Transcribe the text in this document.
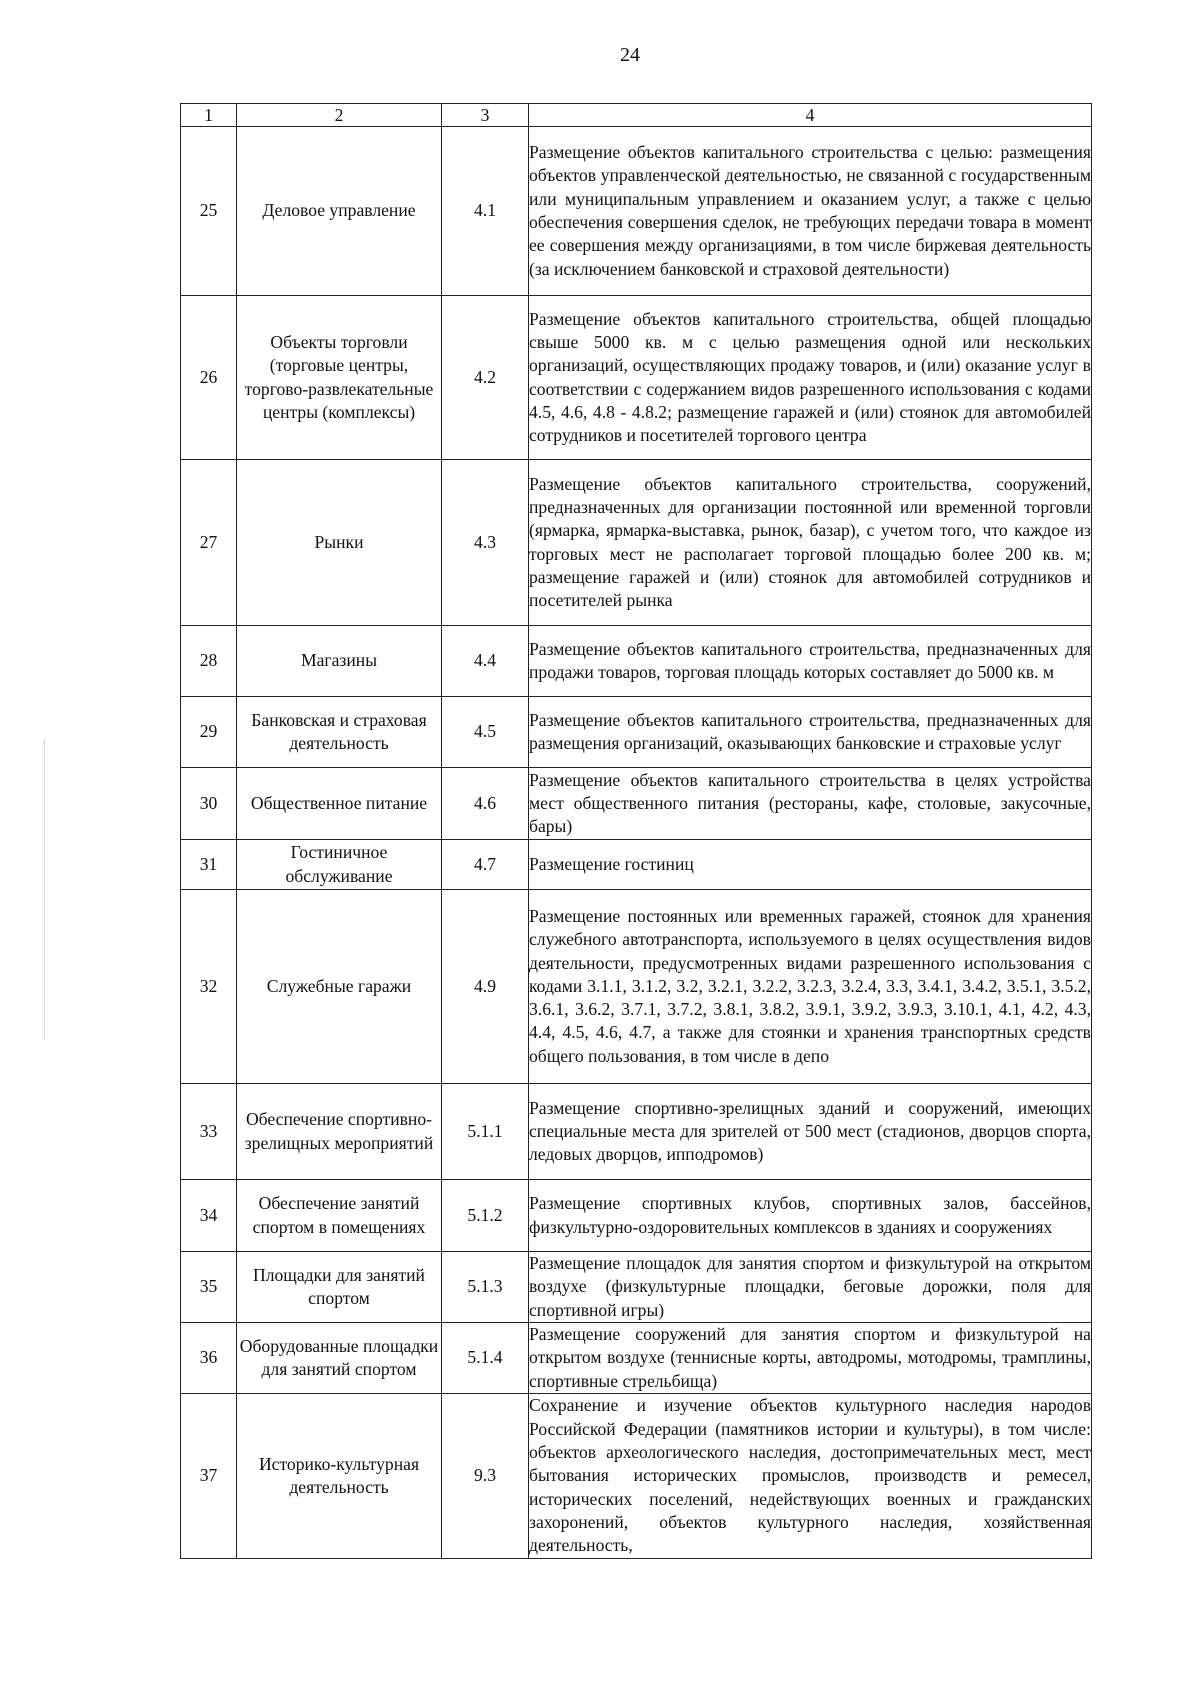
24
1	2	3	4
25	Деловое управление	4.1	Размещение объектов капитального строительства с целью: размещения объектов управленческой деятельностью, не связанной с государственным или муниципальным управлением и оказанием услуг, а также с целью обеспечения совершения сделок, не требующих передачи товара в момент ее совершения между организациями, в том числе биржевая деятельность (за исключением банковской и страховой деятельности)
26	Объекты торговли (торговые центры, торгово-развлекательные центры (комплексы)	4.2	Размещение объектов капитального строительства, общей площадью свыше 5000 кв. м с целью размещения одной или нескольких организаций, осуществляющих продажу товаров, и (или) оказание услуг в соответствии с содержанием видов разрешенного использования с кодами 4.5, 4.6, 4.8 - 4.8.2; размещение гаражей и (или) стоянок для автомобилей сотрудников и посетителей торгового центра
27	Рынки	4.3	Размещение объектов капитального строительства, сооружений, предназначенных для организации постоянной или временной торговли (ярмарка, ярмарка-выставка, рынок, базар), с учетом того, что каждое из торговых мест не располагает торговой площадью более 200 кв. м; размещение гаражей и (или) стоянок для автомобилей сотрудников и посетителей рынка
28	Магазины	4.4	Размещение объектов капитального строительства, предназначенных для продажи товаров, торговая площадь которых составляет до 5000 кв. м
29	Банковская и страховая деятельность	4.5	Размещение объектов капитального строительства, предназначенных для размещения организаций, оказывающих банковские и страховые услуг
30	Общественное питание	4.6	Размещение объектов капитального строительства в целях устройства мест общественного питания (рестораны, кафе, столовые, закусочные, бары)
31	Гостиничное обслуживание	4.7	Размещение гостиниц
32	Служебные гаражи	4.9	Размещение постоянных или временных гаражей, стоянок для хранения служебного автотранспорта, используемого в целях осуществления видов деятельности, предусмотренных видами разрешенного использования с кодами 3.1.1, 3.1.2, 3.2, 3.2.1, 3.2.2, 3.2.3, 3.2.4, 3.3, 3.4.1, 3.4.2, 3.5.1, 3.5.2, 3.6.1, 3.6.2, 3.7.1, 3.7.2, 3.8.1, 3.8.2, 3.9.1, 3.9.2, 3.9.3, 3.10.1, 4.1, 4.2, 4.3, 4.4, 4.5, 4.6, 4.7, а также для стоянки и хранения транспортных средств общего пользования, в том числе в депо
33	Обеспечение спортивно-зрелищных мероприятий	5.1.1	Размещение спортивно-зрелищных зданий и сооружений, имеющих специальные места для зрителей от 500 мест (стадионов, дворцов спорта, ледовых дворцов, ипподромов)
34	Обеспечение занятий спортом в помещениях	5.1.2	Размещение спортивных клубов, спортивных залов, бассейнов, физкультурно-оздоровительных комплексов в зданиях и сооружениях
35	Площадки для занятий спортом	5.1.3	Размещение площадок для занятия спортом и физкультурой на открытом воздухе (физкультурные площадки, беговые дорожки, поля для спортивной игры)
36	Оборудованные площадки для занятий спортом	5.1.4	Размещение сооружений для занятия спортом и физкультурой на открытом воздухе (теннисные корты, автодромы, мотодромы, трамплины, спортивные стрельбища)
37	Историко-культурная деятельность	9.3	Сохранение и изучение объектов культурного наследия народов Российской Федерации (памятников истории и культуры), в том числе: объектов археологического наследия, достопримечательных мест, мест бытования исторических промыслов, производств и ремесел, исторических поселений, недействующих военных и гражданских захоронений, объектов культурного наследия, хозяйственная деятельность,
